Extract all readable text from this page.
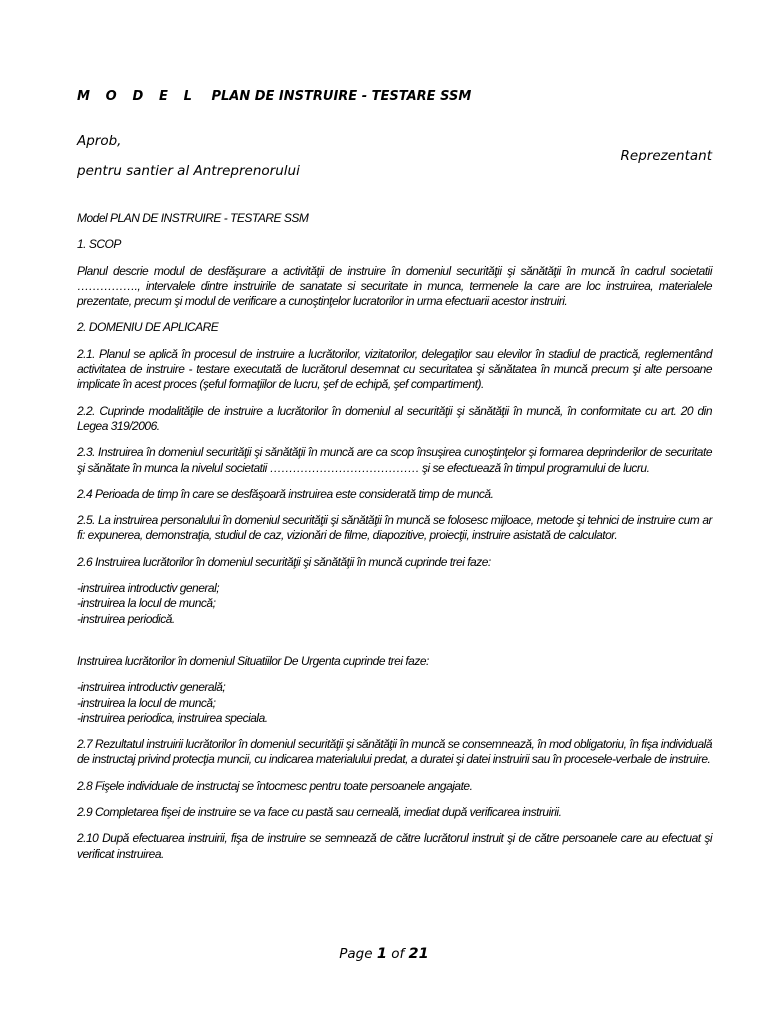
M O D E L PLAN DE INSTRUIRE - TESTARE SSM
Aprob,
Reprezentant
pentru santier al Antreprenorului

Model PLAN DE INSTRUIRE - TESTARE SSM

1. SCOP

Planul descrie modul de desfăşurare a activităţii de instruire în domeniul securităţii şi sănătăţii în muncă în cadrul societatii ……………., intervalele dintre instruirile de sanatate si securitate in munca, termenele la care are loc instruirea, materialele prezentate, precum şi modul de verificare a cunoştinţelor lucratorilor in urma efectuarii acestor instruiri.

2. DOMENIU DE APLICARE

2.1. Planul se aplică în procesul de instruire a lucrătorilor, vizitatorilor, delegaţilor sau elevilor în stadiul de practică, reglementând activitatea de instruire - testare executată de lucrătorul desemnat cu securitatea şi sănătatea în muncă precum şi alte persoane implicate în acest proces (şeful formaţiilor de lucru, şef de echipă, şef compartiment).

2.2. Cuprinde modalităţile de instruire a lucrătorilor în domeniul al securităţii şi sănătăţii în muncă, în conformitate cu art. 20 din Legea 319/2006.

2.3. Instruirea în domeniul securităţii şi sănătăţii în muncă are ca scop însuşirea cunoştinţelor şi formarea deprinderilor de securitate şi sănătate în munca la nivelul societatii ………………………………… şi se efectuează în timpul programului de lucru.

2.4 Perioada de timp în care se desfăşoară instruirea este considerată timp de muncă.

2.5. La instruirea personalului în domeniul securităţii şi sănătăţii în muncă se folosesc mijloace, metode şi tehnici de instruire cum ar fi: expunerea, demonstraţia, studiul de caz, vizionări de filme, diapozitive, proiecţii, instruire asistată de calculator.

2.6 Instruirea lucrătorilor în domeniul securităţii şi sănătăţii în muncă cuprinde trei faze:

-instruirea introductiv general;
-instruirea la locul de muncă;
-instruirea periodică.

Instruirea lucrătorilor în domeniul Situatiilor De Urgenta cuprinde trei faze:

-instruirea introductiv generală;
-instruirea la locul de muncă;
-instruirea periodica, instruirea speciala.

2.7 Rezultatul instruirii lucrătorilor în domeniul securităţii şi sănătăţii în muncă se consemnează, în mod obligatoriu, în fişa individuală de instructaj privind protecţia muncii, cu indicarea materialului predat, a duratei şi datei instruirii sau în procesele-verbale de instruire.

2.8 Fişele individuale de instructaj se întocmesc pentru toate persoanele angajate.

2.9 Completarea fişei de instruire se va face cu pastă sau cerneală, imediat după verificarea instruirii.

2.10 După efectuarea instruirii, fişa de instruire se semnează de către lucrătorul instruit şi de către persoanele care au efectuat şi verificat instruirea.

Page 1 of 21
